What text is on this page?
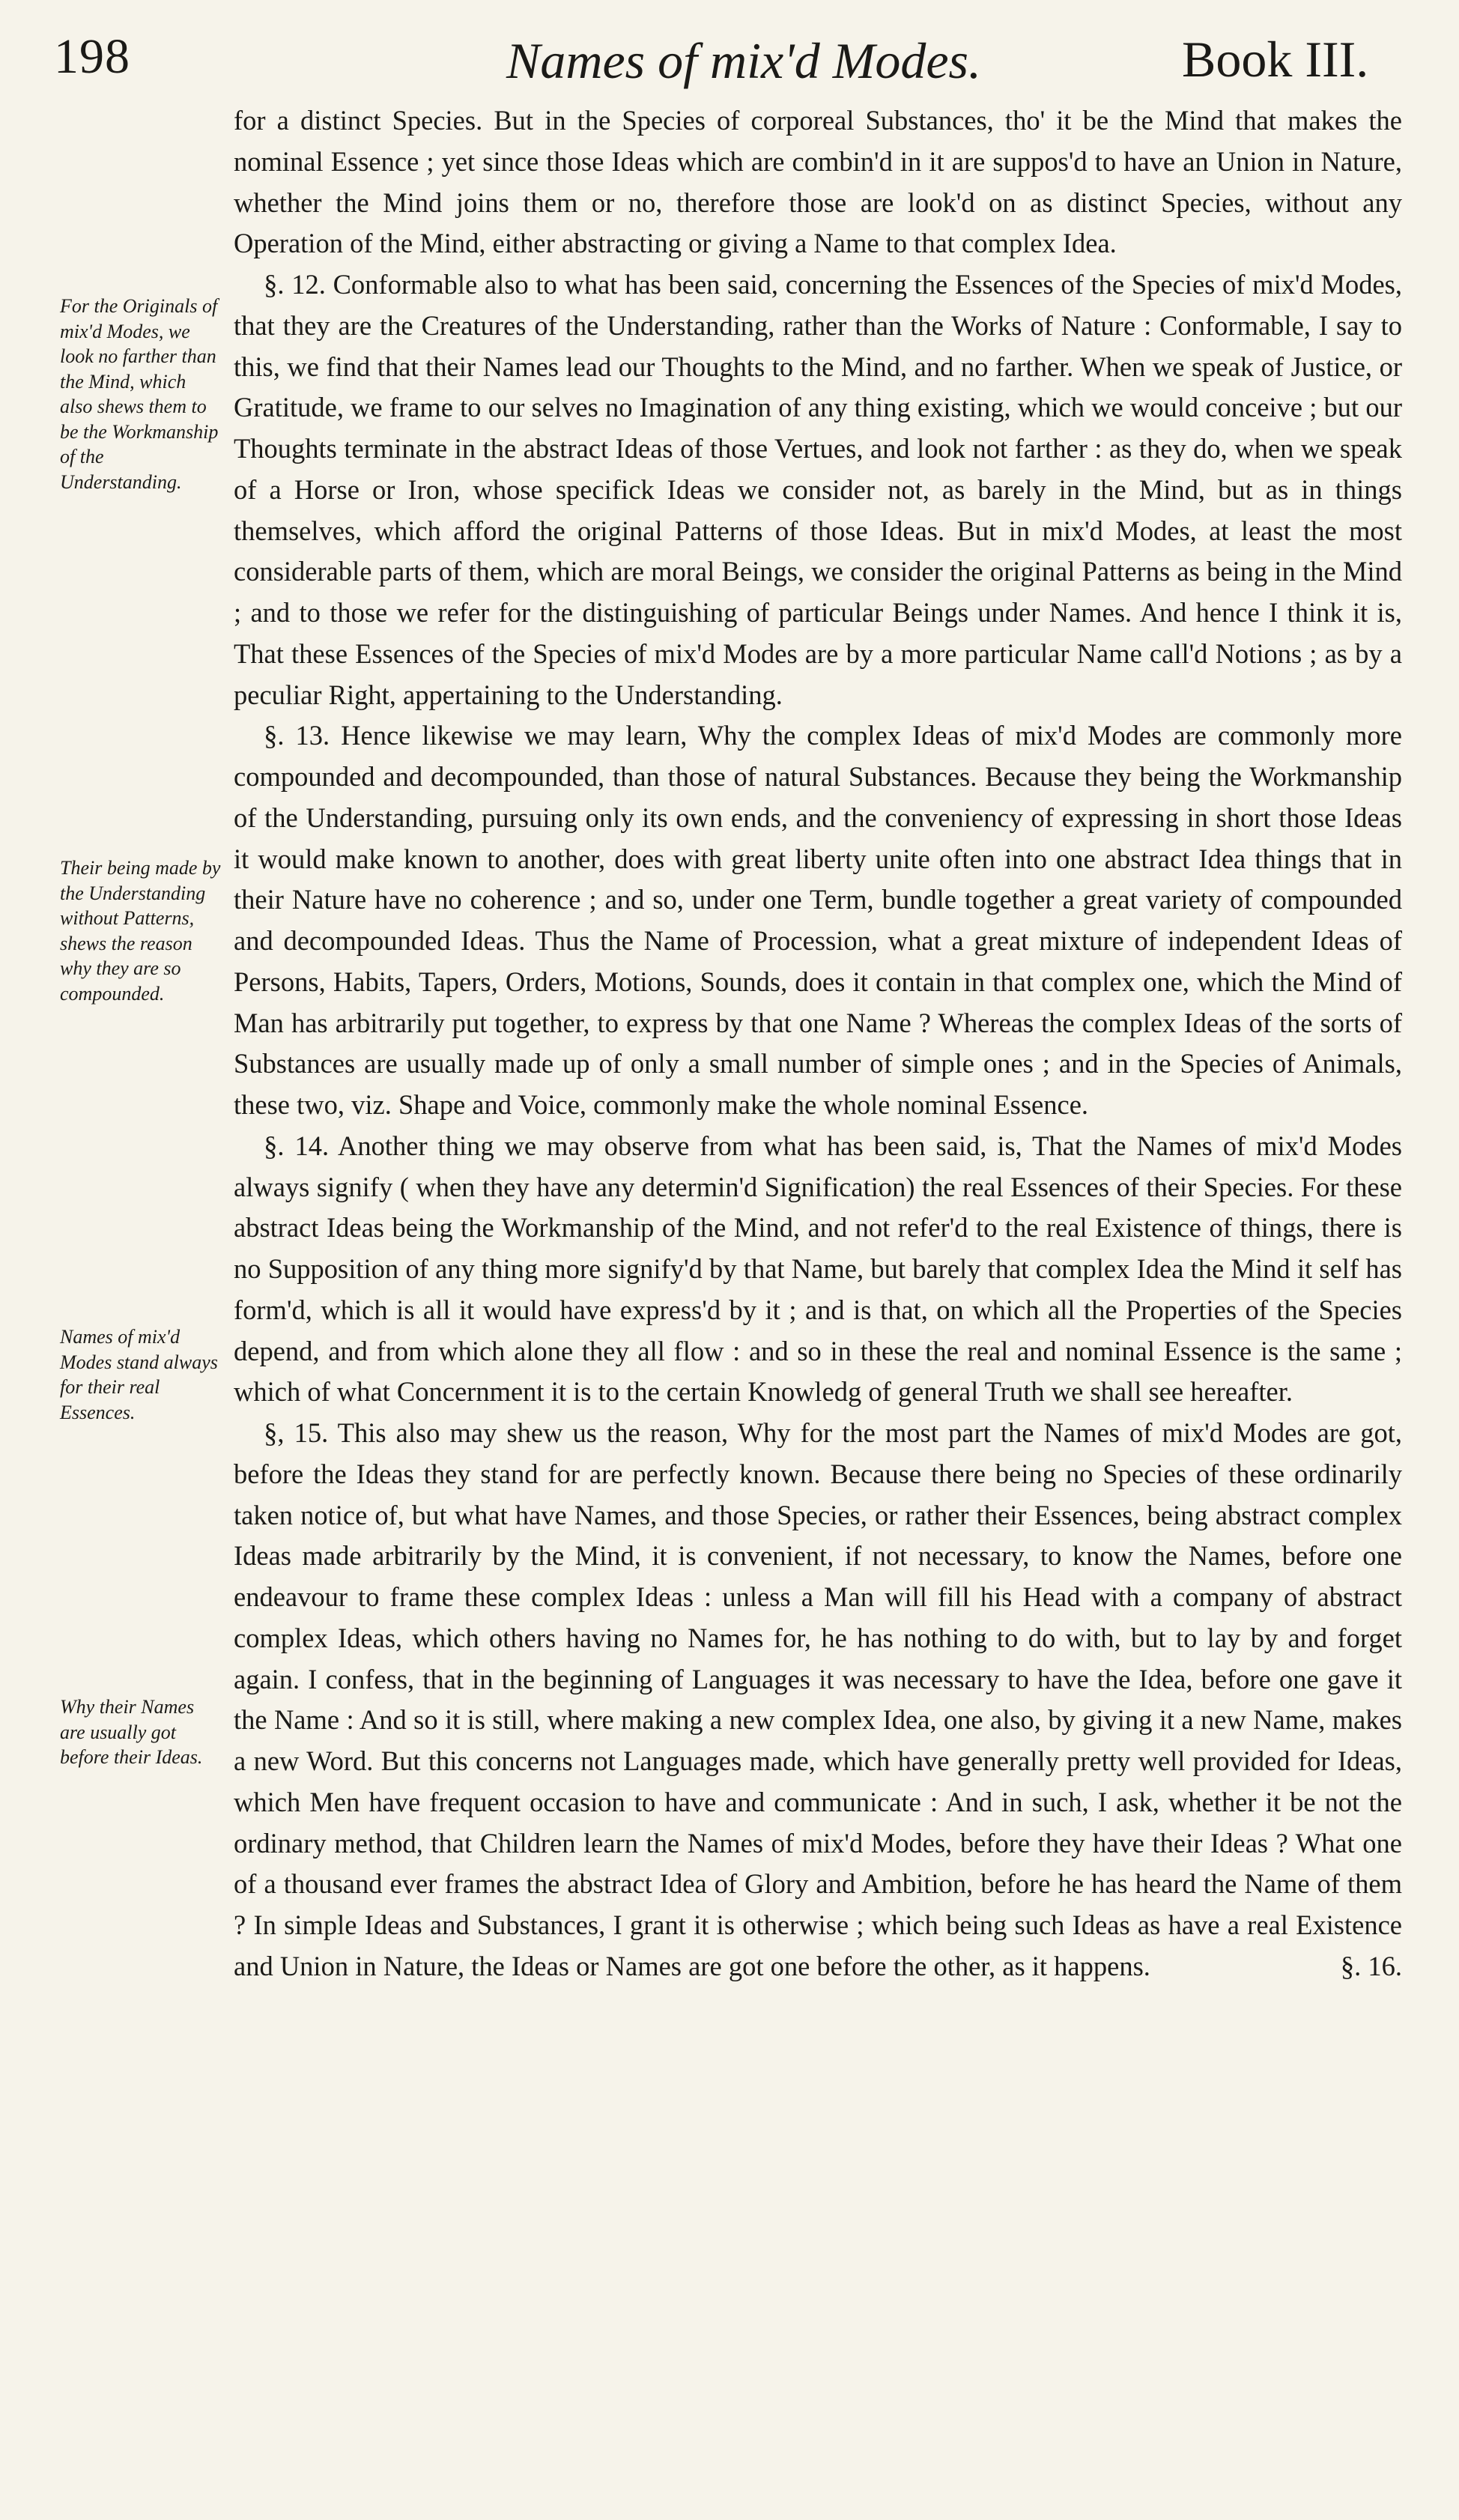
198	Names of mix'd Modes.	Book III.
For the Originals of mix'd Modes, we look no farther than the Mind, which also shews them to be the Workmanship of the Understanding.
Their being made by the Understanding without Patterns, shews the reason why they are so compounded.
Names of mix'd Modes stand always for their real Essences.
Why their Names are usually got before their Ideas.

for a distinct Species. But in the Species of corporeal Substances, tho' it be the Mind that makes the nominal Essence ; yet since those Ideas which are combin'd in it are suppos'd to have an Union in Nature, whether the Mind joins them or no, therefore those are look'd on as distinct Species, without any Operation of the Mind, either abstracting or giving a Name to that complex Idea.

§. 12. Conformable also to what has been said, concerning the Essences of the Species of mix'd Modes, that they are the Creatures of the Understanding, rather than the Works of Nature : Conformable, I say to this, we find that their Names lead our Thoughts to the Mind, and no farther. When we speak of Justice, or Gratitude, we frame to our selves no Imagination of any thing existing, which we would conceive ; but our Thoughts terminate in the abstract Ideas of those Vertues, and look not farther : as they do, when we speak of a Horse or Iron, whose specifick Ideas we consider not, as barely in the Mind, but as in things themselves, which afford the original Patterns of those Ideas. But in mix'd Modes, at least the most considerable parts of them, which are moral Beings, we consider the original Patterns as being in the Mind ; and to those we refer for the distinguishing of particular Beings under Names. And hence I think it is, That these Essences of the Species of mix'd Modes are by a more particular Name call'd Notions ; as by a peculiar Right, appertaining to the Understanding.

§. 13. Hence likewise we may learn, Why the complex Ideas of mix'd Modes are commonly more compounded and decompounded, than those of natural Substances. Because they being the Workmanship of the Understanding, pursuing only its own ends, and the conveniency of expressing in short those Ideas it would make known to another, does with great liberty unite often into one abstract Idea things that in their Nature have no coherence ; and so, under one Term, bundle together a great variety of compounded and decompounded Ideas. Thus the Name of Procession, what a great mixture of independent Ideas of Persons, Habits, Tapers, Orders, Motions, Sounds, does it contain in that complex one, which the Mind of Man has arbitrarily put together, to express by that one Name ? Whereas the complex Ideas of the sorts of Substances are usually made up of only a small number of simple ones ; and in the Species of Animals, these two, viz. Shape and Voice, commonly make the whole nominal Essence.

§. 14. Another thing we may observe from what has been said, is, That the Names of mix'd Modes always signify ( when they have any determin'd Signification) the real Essences of their Species. For these abstract Ideas being the Workmanship of the Mind, and not refer'd to the real Existence of things, there is no Supposition of any thing more signify'd by that Name, but barely that complex Idea the Mind it self has form'd, which is all it would have express'd by it ; and is that, on which all the Properties of the Species depend, and from which alone they all flow : and so in these the real and nominal Essence is the same ; which of what Concernment it is to the certain Knowledg of general Truth we shall see hereafter.

§, 15. This also may shew us the reason, Why for the most part the Names of mix'd Modes are got, before the Ideas they stand for are perfectly known. Because there being no Species of these ordinarily taken notice of, but what have Names, and those Species, or rather their Essences, being abstract complex Ideas made arbitrarily by the Mind, it is convenient, if not necessary, to know the Names, before one endeavour to frame these complex Ideas : unless a Man will fill his Head with a company of abstract complex Ideas, which others having no Names for, he has nothing to do with, but to lay by and forget again. I confess, that in the beginning of Languages it was necessary to have the Idea, before one gave it the Name : And so it is still, where making a new complex Idea, one also, by giving it a new Name, makes a new Word. But this concerns not Languages made, which have generally pretty well provided for Ideas, which Men have frequent occasion to have and communicate : And in such, I ask, whether it be not the ordinary method, that Children learn the Names of mix'd Modes, before they have their Ideas ? What one of a thousand ever frames the abstract Idea of Glory and Ambition, before he has heard the Name of them ? In simple Ideas and Substances, I grant it is otherwise ; which being such Ideas as have a real Existence and Union in Nature, the Ideas or Names are got one before the other, as it happens.	§. 16.
